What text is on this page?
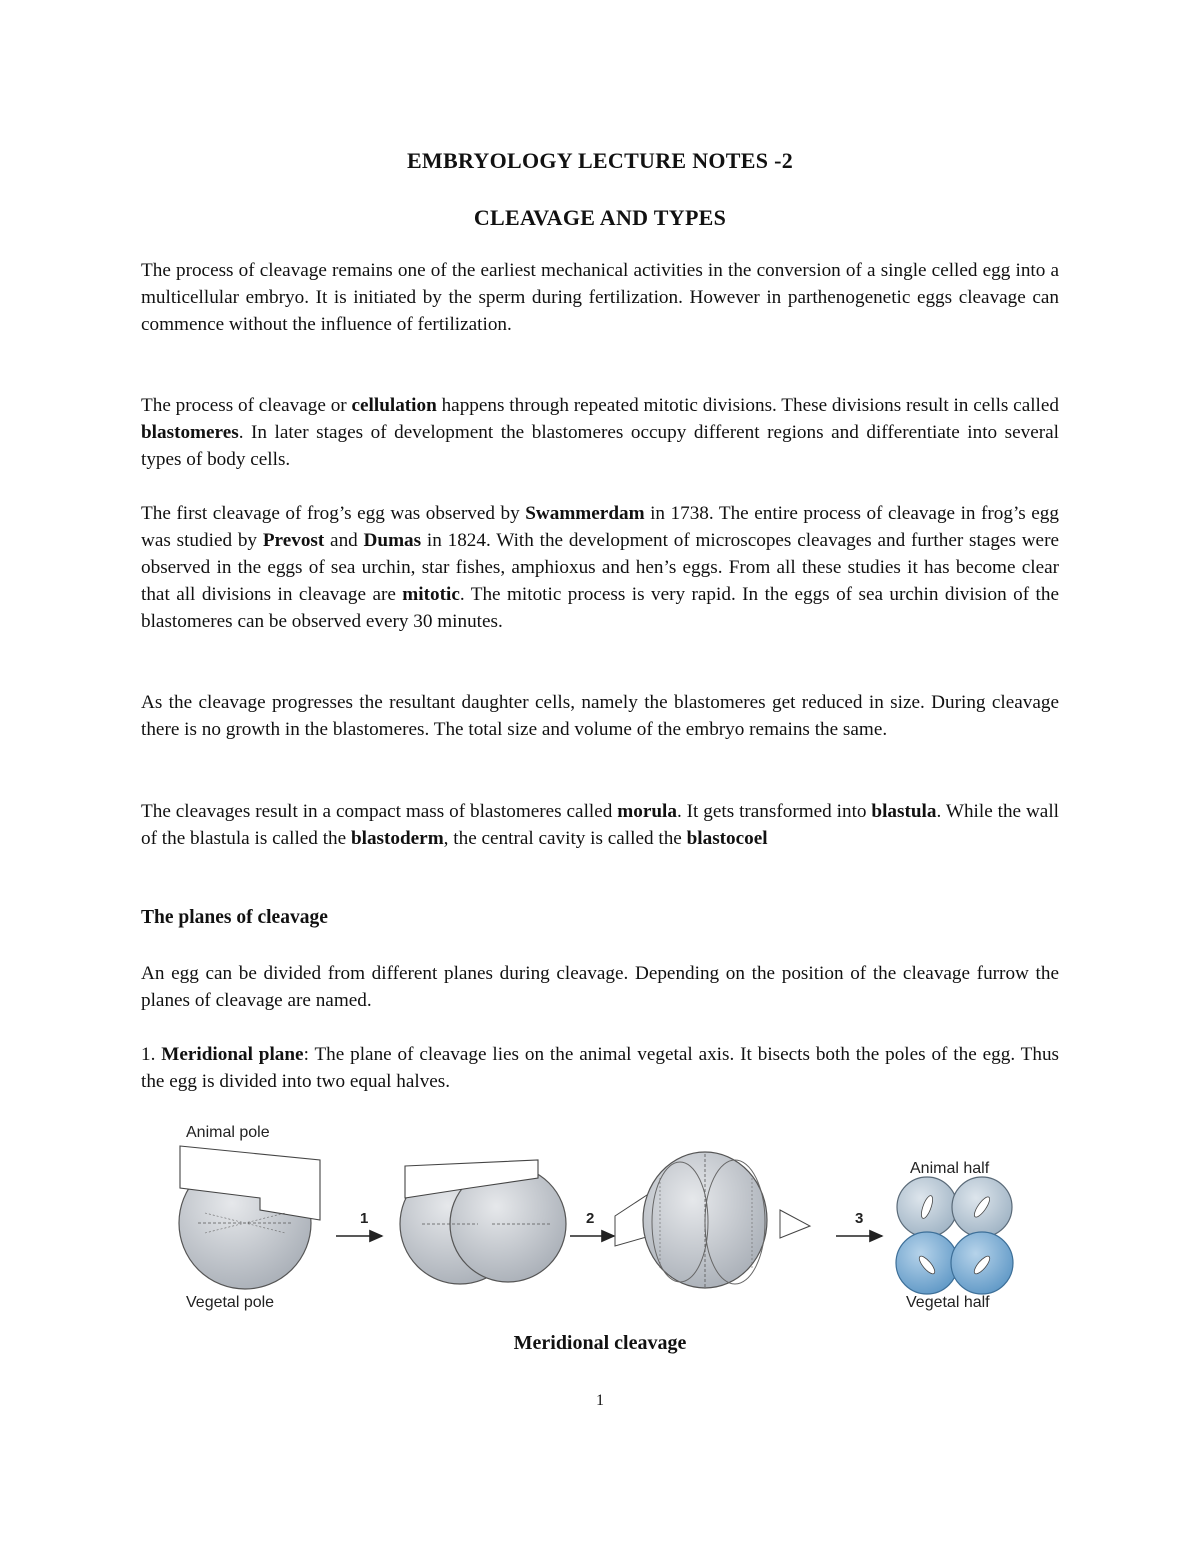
EMBRYOLOGY LECTURE NOTES -2
CLEAVAGE AND TYPES

The process of cleavage remains one of the earliest mechanical activities in the conversion of a single celled egg into a multicellular embryo. It is initiated by the sperm during fertilization. However in parthenogenetic eggs cleavage can commence without the influence of fertilization.

The process of cleavage or cellulation happens through repeated mitotic divisions. These divisions result in cells called blastomeres. In later stages of development the blastomeres occupy different regions and differentiate into several types of body cells.

The first cleavage of frog’s egg was observed by Swammerdam in 1738. The entire process of cleavage in frog’s egg was studied by Prevost and Dumas in 1824. With the development of microscopes cleavages and further stages were observed in the eggs of sea urchin, star fishes, amphioxus and hen’s eggs. From all these studies it has become clear that all divisions in cleavage are mitotic. The mitotic process is very rapid. In the eggs of sea urchin division of the blastomeres can be observed every 30 minutes.

As the cleavage progresses the resultant daughter cells, namely the blastomeres get reduced in size. During cleavage there is no growth in the blastomeres. The total size and volume of the embryo remains the same.

The cleavages result in a compact mass of blastomeres called morula. It gets transformed into blastula. While the wall of the blastula is called the blastoderm, the central cavity is called the blastocoel

The planes of cleavage

An egg can be divided from different planes during cleavage. Depending on the position of the cleavage furrow the planes of cleavage are named.

1. Meridional plane: The plane of cleavage lies on the animal vegetal axis. It bisects both the poles of the egg. Thus the egg is divided into two equal halves.

Animal pole
Vegetal pole
Animal half
Vegetal half
1	2	3
Meridional cleavage
1
